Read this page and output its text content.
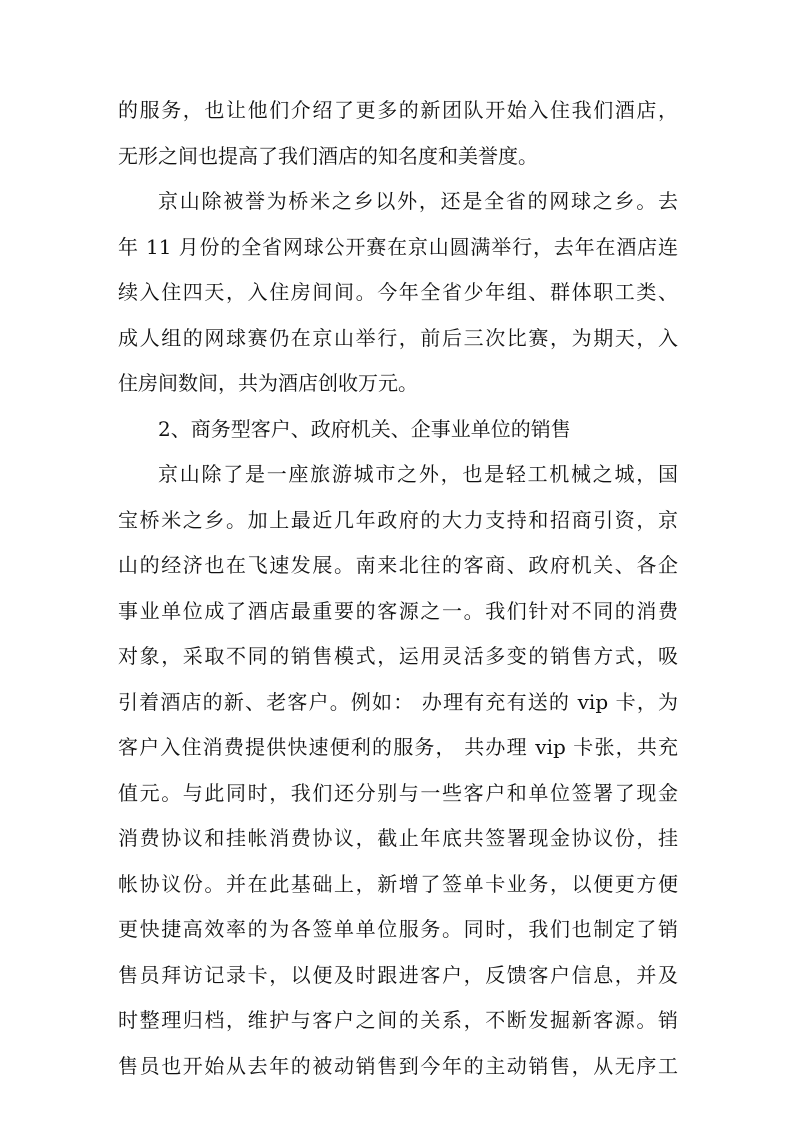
的服务，也让他们介绍了更多的新团队开始入住我们酒店，
无形之间也提高了我们酒店的知名度和美誉度。
京山除被誉为桥米之乡以外，还是全省的网球之乡。去
年 11 月份的全省网球公开赛在京山圆满举行，去年在酒店连
续入住四天，入住房间间。今年全省少年组、群体职工类、
成人组的网球赛仍在京山举行，前后三次比赛，为期天，入
住房间数间，共为酒店创收万元。
2、商务型客户、政府机关、企事业单位的销售
京山除了是一座旅游城市之外，也是轻工机械之城，国
宝桥米之乡。加上最近几年政府的大力支持和招商引资，京
山的经济也在飞速发展。南来北往的客商、政府机关、各企
事业单位成了酒店最重要的客源之一。我们针对不同的消费
对象，采取不同的销售模式，运用灵活多变的销售方式，吸
引着酒店的新、老客户。例如： 办理有充有送的 vip 卡，为
客户入住消费提供快速便利的服务， 共办理 vip 卡张，共充
值元。与此同时，我们还分别与一些客户和单位签署了现金
消费协议和挂帐消费协议，截止年底共签署现金协议份，挂
帐协议份。并在此基础上，新增了签单卡业务，以便更方便
更快捷高效率的为各签单单位服务。同时，我们也制定了销
售员拜访记录卡，以便及时跟进客户，反馈客户信息，并及
时整理归档，维护与客户之间的关系，不断发掘新客源。销
售员也开始从去年的被动销售到今年的主动销售，从无序工
